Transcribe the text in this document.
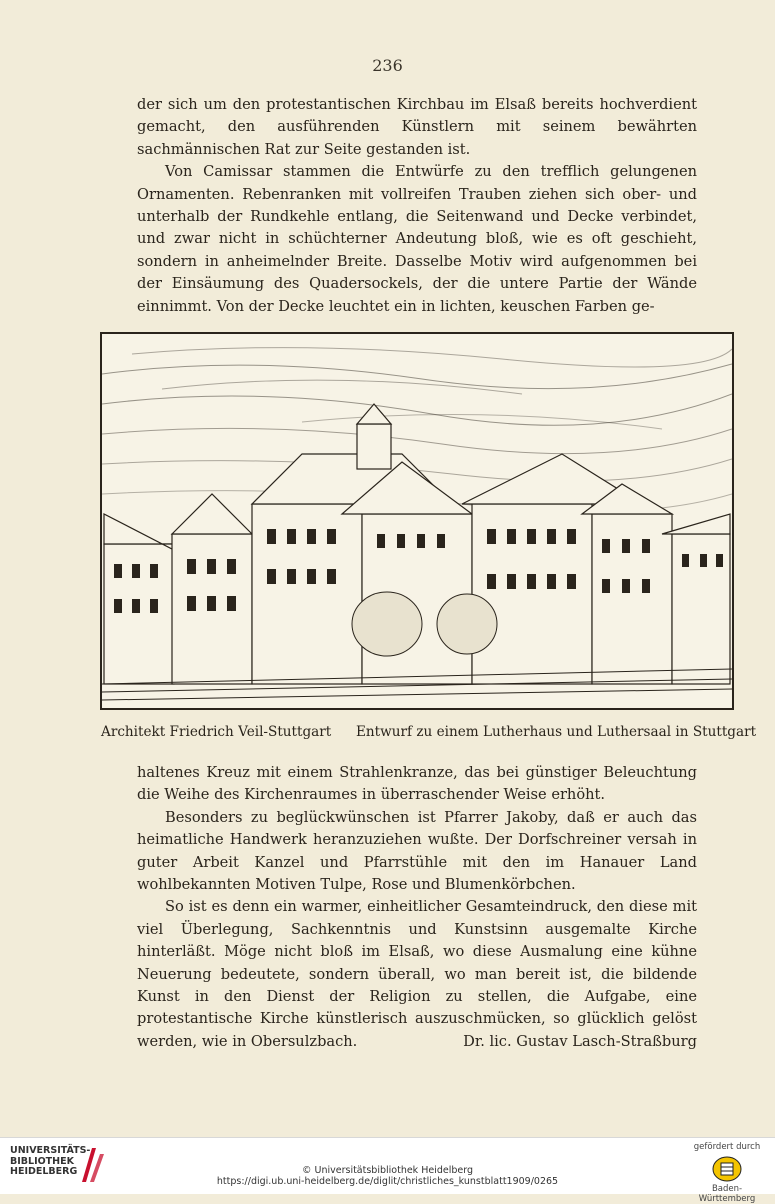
236

der sich um den protestantischen Kirchbau im Elsaß bereits hochverdient gemacht, den ausführenden Künstlern mit seinem bewährten sachmännischen Rat zur Seite gestanden ist.

Von Camissar stammen die Entwürfe zu den trefflich gelungenen Ornamenten. Rebenranken mit vollreifen Trauben ziehen sich ober- und unterhalb der Rundkehle entlang, die Seitenwand und Decke verbindet, und zwar nicht in schüchterner Andeutung bloß, wie es oft geschieht, sondern in anheimelnder Breite. Dasselbe Motiv wird aufgenommen bei der Einsäumung des Quadersockels, der die untere Partie der Wände einnimmt. Von der Decke leuchtet ein in lichten, keuschen Farben ge-

Architekt Friedrich Veil-Stuttgart Entwurf zu einem Lutherhaus und Luthersaal in Stuttgart

haltenes Kreuz mit einem Strahlenkranze, das bei günstiger Beleuchtung die Weihe des Kirchenraumes in überraschender Weise erhöht.

Besonders zu beglückwünschen ist Pfarrer Jakoby, daß er auch das heimatliche Handwerk heranzuziehen wußte. Der Dorfschreiner versah in guter Arbeit Kanzel und Pfarrstühle mit den im Hanauer Land wohlbekannten Motiven Tulpe, Rose und Blumenkörbchen.

So ist es denn ein warmer, einheitlicher Gesamteindruck, den diese mit viel Überlegung, Sachkenntnis und Kunstsinn ausgemalte Kirche hinterläßt. Möge nicht bloß im Elsaß, wo diese Ausmalung eine kühne Neuerung bedeutete, sondern überall, wo man bereit ist, die bildende Kunst in den Dienst der Religion zu stellen, die Aufgabe, eine protestantische Kirche künstlerisch auszuschmücken, so glücklich gelöst werden, wie in Obersulzbach.	Dr. lic. Gustav Lasch-Straßburg

UNIVERSITÄTS-
BIBLIOTHEK
HEIDELBERG	© Universitätsbibliothek Heidelberg
https://digi.ub.uni-heidelberg.de/diglit/christliches_kunstblatt1909/0265
gefördert durch
Baden-Württemberg
